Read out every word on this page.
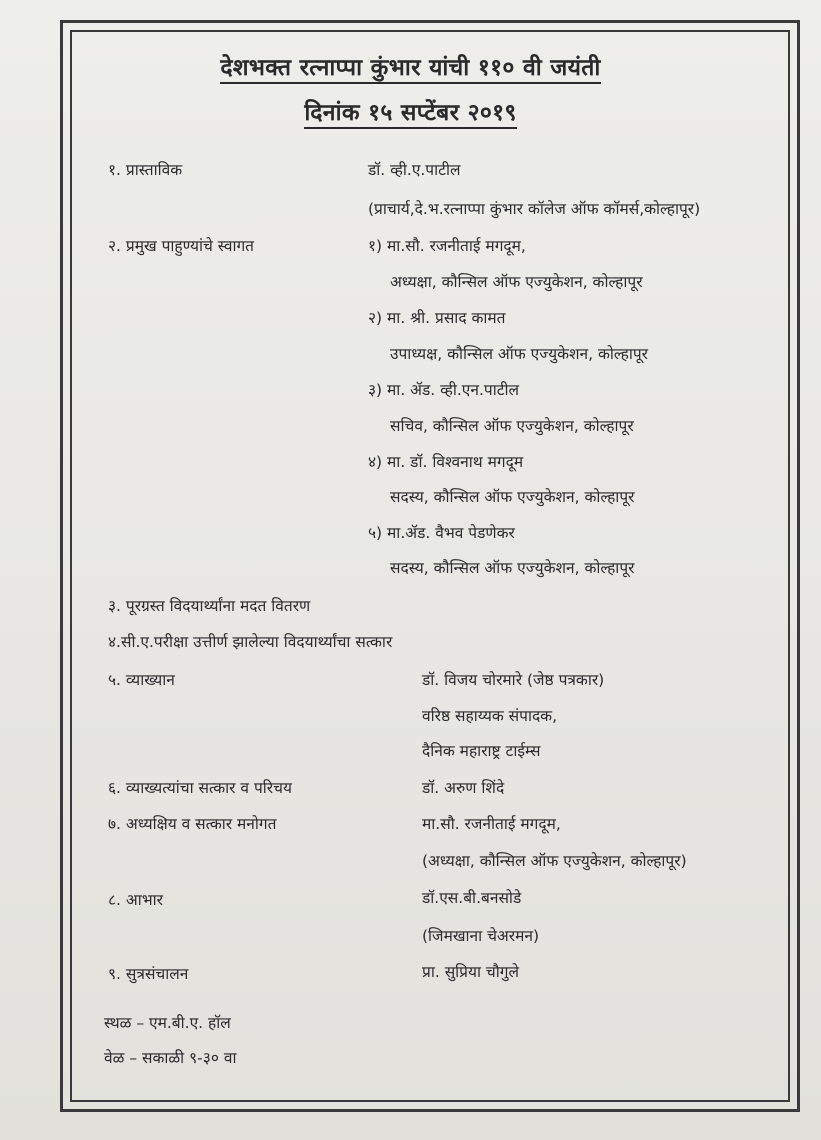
देशभक्त रत्नाप्पा कुंभार यांची ११० वी जयंती
दिनांक १५ सप्टेंबर २०१९
१. प्रास्ताविक	डॉ. व्ही.ए.पाटील
(प्राचार्य,दे.भ.रत्नाप्पा कुंभार कॉलेज ऑफ कॉमर्स,कोल्हापूर)
२. प्रमुख पाहुण्यांचे स्वागत	१) मा.सौ. रजनीताई मगदूम,
अध्यक्षा, कौन्सिल ऑफ एज्युकेशन, कोल्हापूर
२) मा. श्री. प्रसाद कामत
उपाध्यक्ष, कौन्सिल ऑफ एज्युकेशन, कोल्हापूर
३) मा. ॲड. व्ही.एन.पाटील
सचिव, कौन्सिल ऑफ एज्युकेशन, कोल्हापूर
४) मा. डॉ. विश्वनाथ मगदूम
सदस्य, कौन्सिल ऑफ एज्युकेशन, कोल्हापूर
५) मा.ॲड. वैभव पेडणेकर
सदस्य, कौन्सिल ऑफ एज्युकेशन, कोल्हापूर
३. पूरग्रस्त विदयार्थ्यांना मदत वितरण
४.सी.ए.परीक्षा उत्तीर्ण झालेल्या विदयार्थ्यांचा सत्कार
५. व्याख्यान	डॉ. विजय चोरमारे (जेष्ठ पत्रकार)
वरिष्ठ सहाय्यक संपादक,
दैनिक महाराष्ट्र टाईम्स
६. व्याख्यत्यांचा सत्कार व परिचय	डॉ. अरुण शिंदे
७. अध्यक्षिय व सत्कार मनोगत	मा.सौ. रजनीताई मगदूम,
(अध्यक्षा, कौन्सिल ऑफ एज्युकेशन, कोल्हापूर)
८. आभार	डॉ.एस.बी.बनसोडे
(जिमखाना चेअरमन)
९. सुत्रसंचालन	प्रा. सुप्रिया चौगुले
स्थळ – एम.बी.ए. हॉल
वेळ – सकाळी ९-३० वा
